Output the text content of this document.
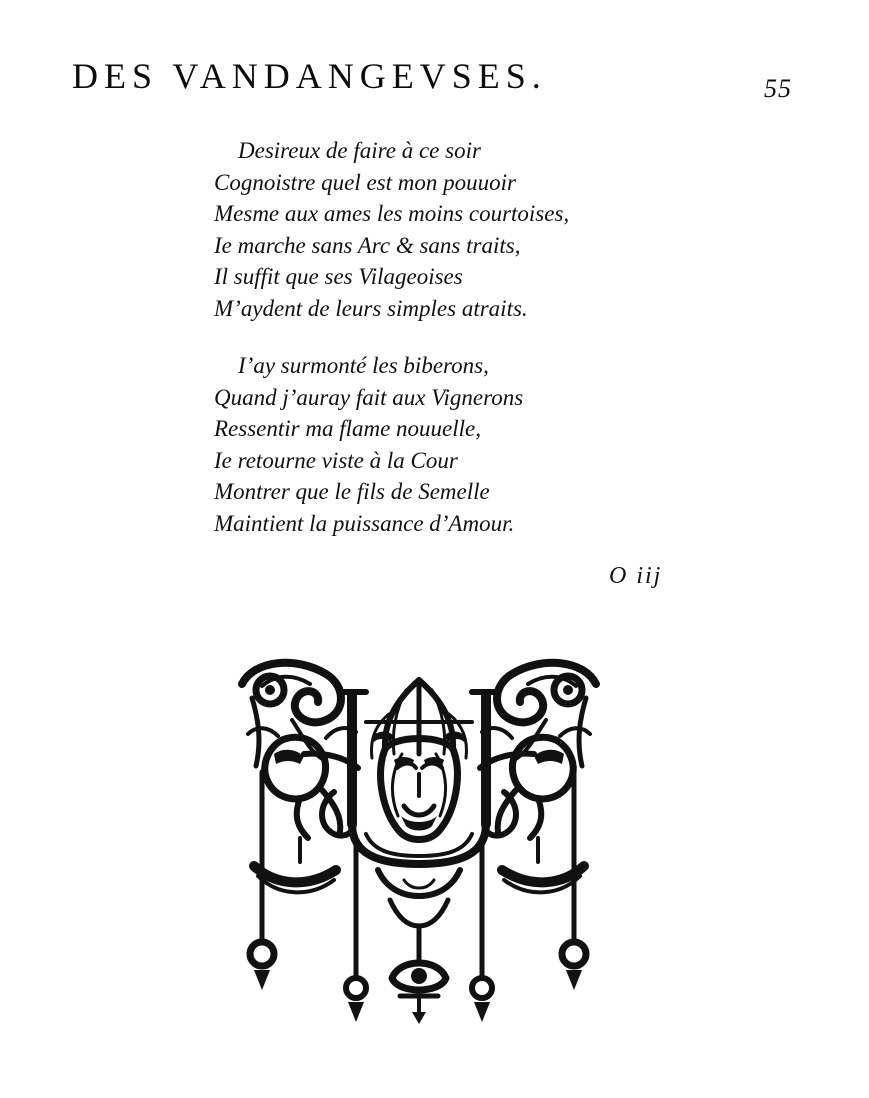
DES VANDANGEVSES.	55
Desireux de faire à ce soir
Cognoistre quel est mon pouuoir
Mesme aux ames les moins courtoises,
Ie marche sans Arc & sans traits,
Il suffit que ses Vilageoises
M’aydent de leurs simples atraits.
I’ay surmonté les biberons,
Quand j’auray fait aux Vignerons
Ressentir ma flame nouuelle,
Ie retourne viste à la Cour
Montrer que le fils de Semelle
Maintient la puissance d’Amour.
O iij
